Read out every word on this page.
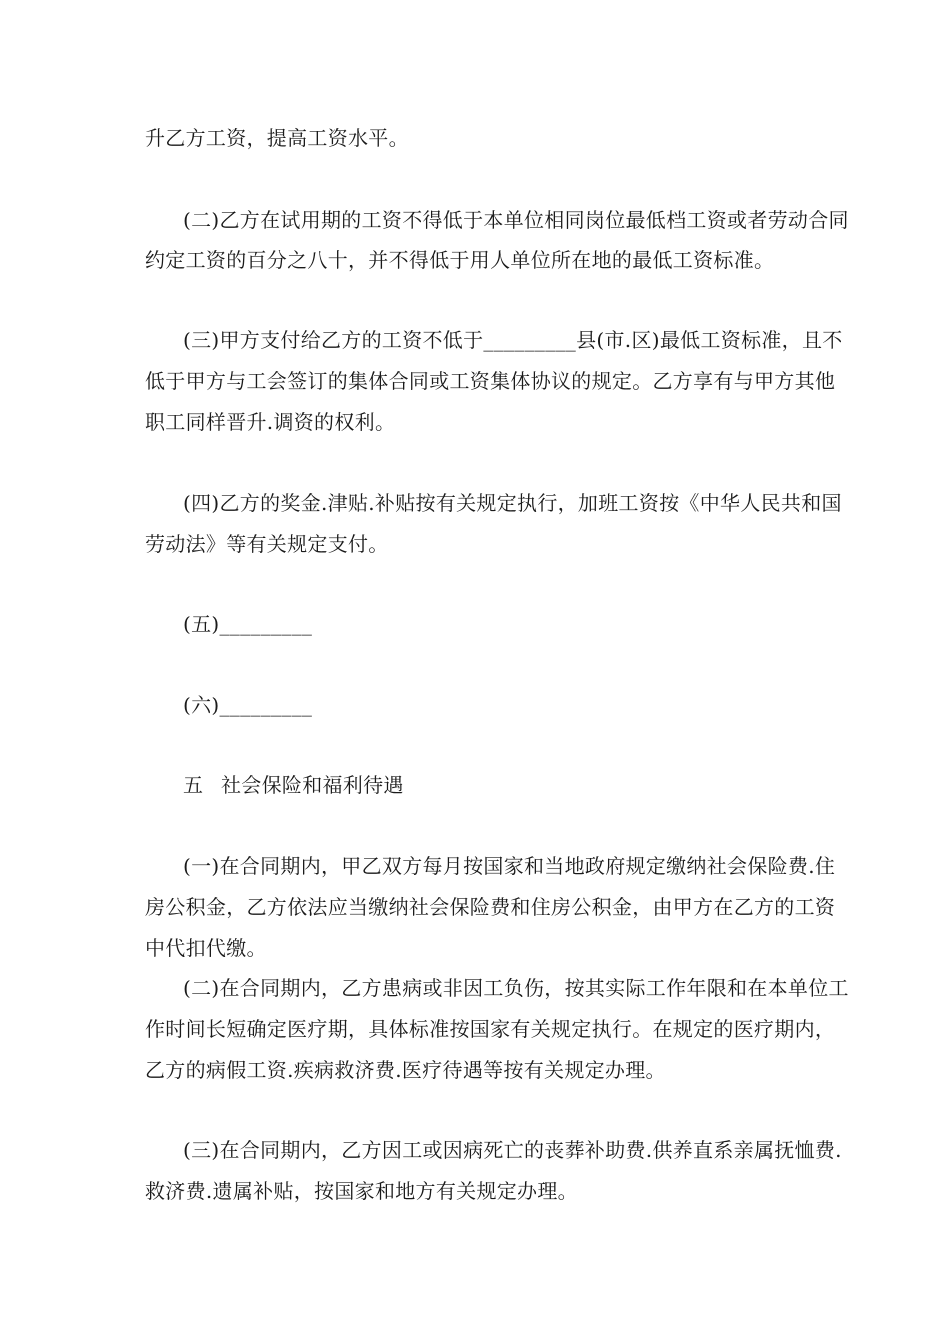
升乙方工资，提高工资水平。
(二)乙方在试用期的工资不得低于本单位相同岗位最低档工资或者劳动合同
约定工资的百分之八十，并不得低于用人单位所在地的最低工资标准。
(三)甲方支付给乙方的工资不低于_________县(市.区)最低工资标准，且不
低于甲方与工会签订的集体合同或工资集体协议的规定。乙方享有与甲方其他
职工同样晋升.调资的权利。
(四)乙方的奖金.津贴.补贴按有关规定执行，加班工资按《中华人民共和国
劳动法》等有关规定支付。
(五)_________
(六)_________
五 社会保险和福利待遇
(一)在合同期内，甲乙双方每月按国家和当地政府规定缴纳社会保险费.住
房公积金，乙方依法应当缴纳社会保险费和住房公积金，由甲方在乙方的工资
中代扣代缴。
(二)在合同期内，乙方患病或非因工负伤，按其实际工作年限和在本单位工
作时间长短确定医疗期，具体标准按国家有关规定执行。在规定的医疗期内，
乙方的病假工资.疾病救济费.医疗待遇等按有关规定办理。
(三)在合同期内，乙方因工或因病死亡的丧葬补助费.供养直系亲属抚恤费.
救济费.遗属补贴，按国家和地方有关规定办理。
